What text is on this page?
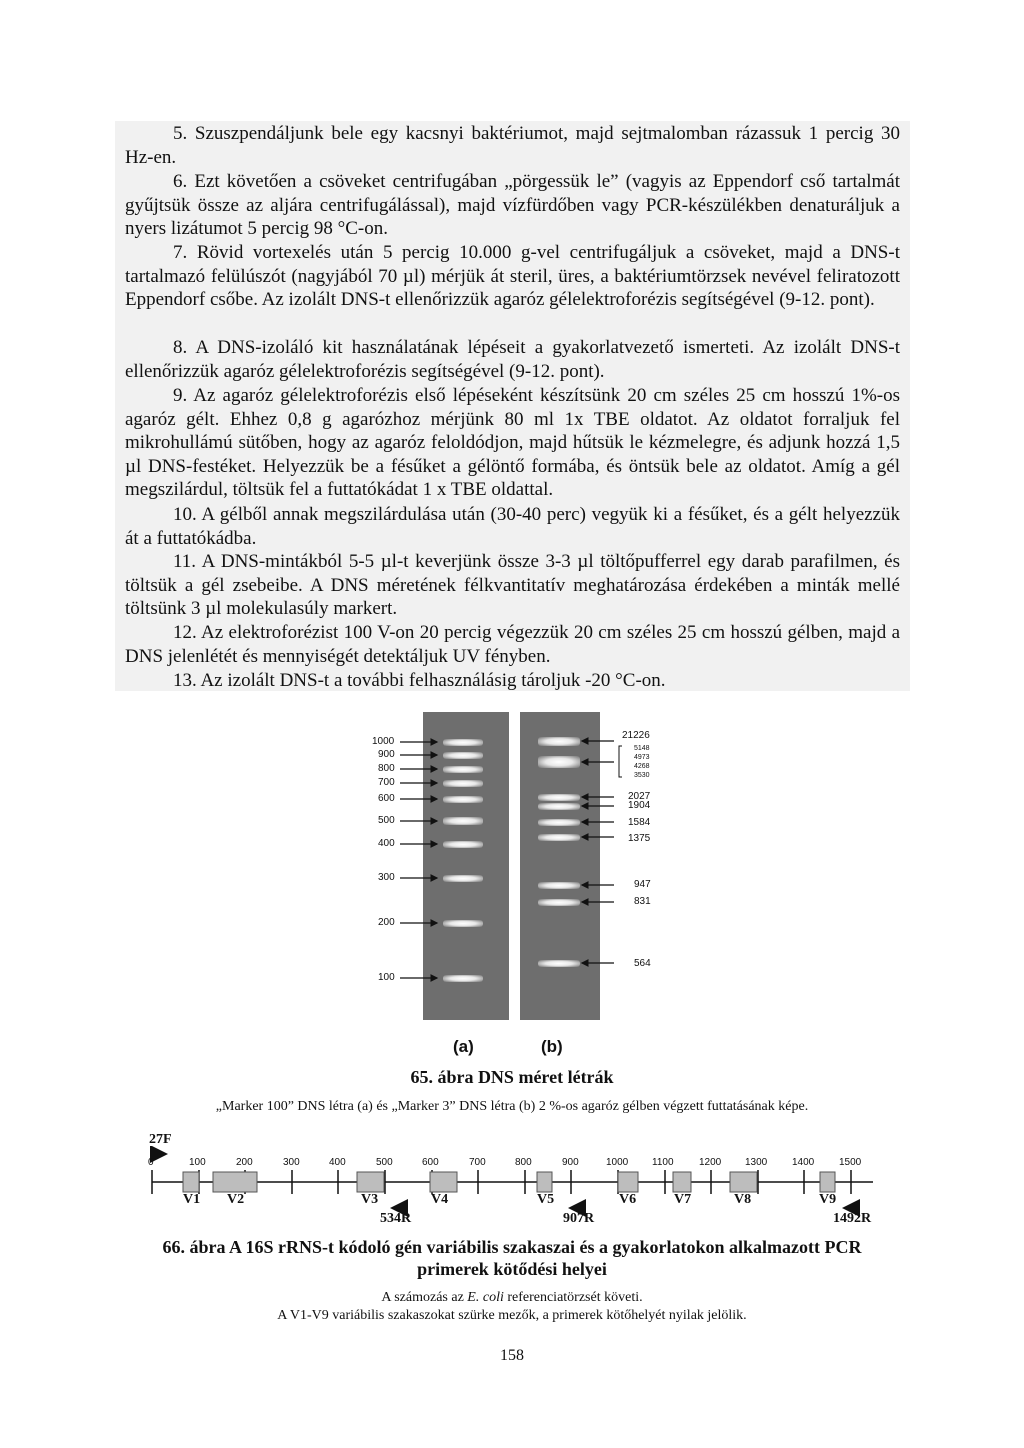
5. Szuszpendáljunk bele egy kacsnyi baktériumot, majd sejtmalomban rázassuk 1 percig 30 Hz-en.
6. Ezt követően a csöveket centrifugában „pörgessük le” (vagyis az Eppendorf cső tartalmát gyűjtsük össze az aljára centrifugálással), majd vízfürdőben vagy PCR-készülékben denaturáljuk a nyers lizátumot 5 percig 98 °C-on.
7. Rövid vortexelés után 5 percig 10.000 g-vel centrifugáljuk a csöveket, majd a DNS-t tartalmazó felülúszót (nagyjából 70 µl) mérjük át steril, üres, a baktériumtörzsek nevével feliratozott Eppendorf csőbe. Az izolált DNS-t ellenőrizzük agaróz gélelektroforézis segítségével (9-12. pont).
8. A DNS-izoláló kit használatának lépéseit a gyakorlatvezető ismerteti. Az izolált DNS-t ellenőrizzük agaróz gélelektroforézis segítségével (9-12. pont).
9. Az agaróz gélelektroforézis első lépéseként készítsünk 20 cm széles 25 cm hosszú 1%-os agaróz gélt. Ehhez 0,8 g agarózhoz mérjünk 80 ml 1x TBE oldatot. Az oldatot forraljuk fel mikrohullámú sütőben, hogy az agaróz feloldódjon, majd hűtsük le kézmelegre, és adjunk hozzá 1,5 µl DNS-festéket. Helyezzük be a fésűket a gélöntő formába, és öntsük bele az oldatot. Amíg a gél megszilárdul, töltsük fel a futtatókádat 1 x TBE oldattal.
10. A gélből annak megszilárdulása után (30-40 perc) vegyük ki a fésűket, és a gélt helyezzük át a futtatókádba.
11. A DNS-mintákból 5-5 µl-t keverjünk össze 3-3 µl töltőpufferrel egy darab parafilmen, és töltsük a gél zsebeibe. A DNS méretének félkvantitatív meghatározása érdekében a minták mellé töltsünk 3 µl molekulasúly markert.
12. Az elektroforézist 100 V-on 20 percig végezzük 20 cm széles 25 cm hosszú gélben, majd a DNS jelenlétét és mennyiségét detektáljuk UV fényben.
13. Az izolált DNS-t a további felhasználásig tároljuk -20 °C-on.
1000
900
800
700
600
500
400
300
200
100
21226
5148
4973
4268
3530
2027
1904
1584
1375
947
831
564
(a)	(b)
65. ábra DNS méret létrák
„Marker 100” DNS létra (a) és „Marker 3” DNS létra (b) 2 %-os agaróz gélben végzett futtatásának képe.
27F
0	100	200	300	400	500	600	700	800	900	1000 1100	1200 1300 1400 1500
V1 V2	V3	V4	V5	V6	V7	V8	V9
534R	907R	1492R
66. ábra A 16S rRNS-t kódoló gén variábilis szakaszai és a gyakorlatokon alkalmazott PCR
primerek kötődési helyei
A számozás az E. coli referenciatörzsét követi.
A V1-V9 variábilis szakaszokat szürke mezők, a primerek kötőhelyét nyilak jelölik.
158
